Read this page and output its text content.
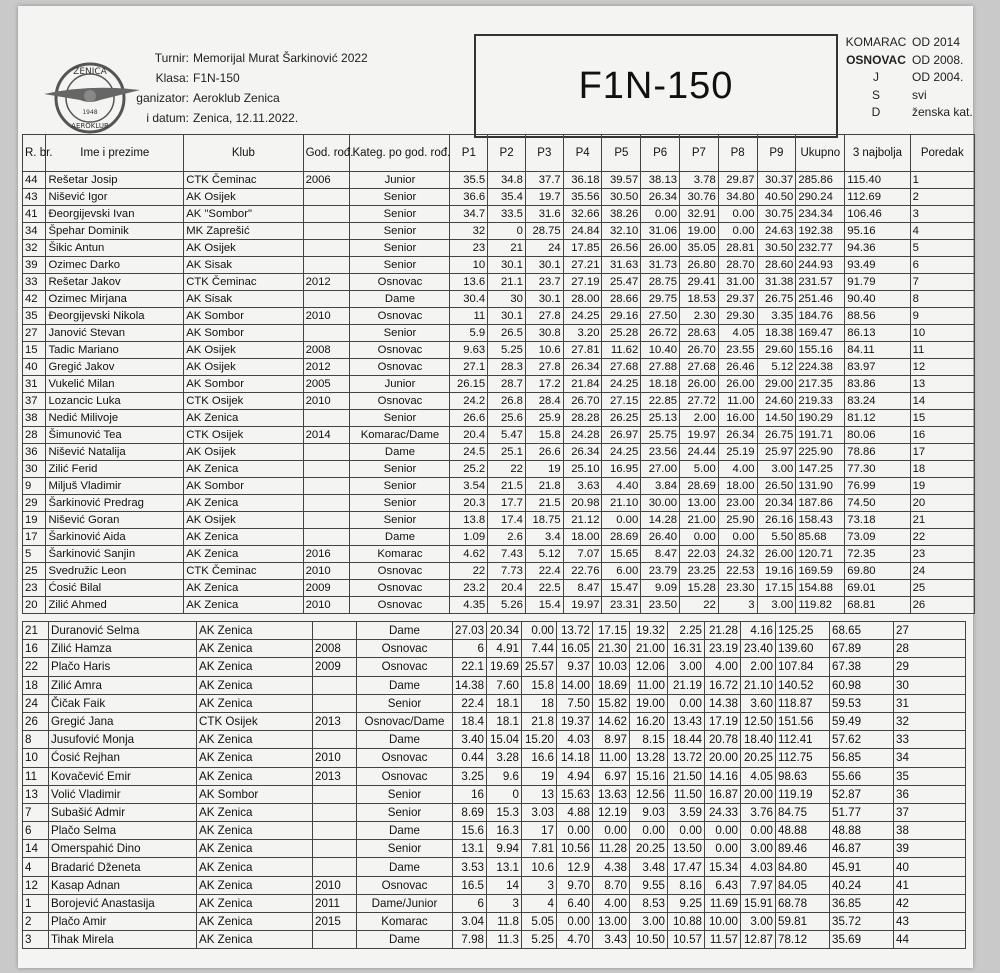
ZENICA
1948
AEROKLUB
Turnir: Memorijal Murat Šarkinović 2022
Klasa: F1N-150
ganizator: Aeroklub Zenica
i datum: Zenica, 12.11.2022.
F1N-150
KOMARAC OD 2014
OSNOVAC OD 2008.
J	OD 2004.
S	svi
D	ženska kat.
R. br.	Ime i prezime	Klub	God. rođ.	Kateg. po god. rođ.	P1	P2	P3	P4	P5	P6	P7	P8	P9	Ukupno	3 najbolja	Poredak
44	Rešetar Josip	CTK Čeminac	2006	Junior	35.5	34.8	37.7	36.18	39.57	38.13	3.78	29.87	30.37	285.86	115.40	1
43	Nišević Igor	AK Osijek		Senior	36.6	35.4	19.7	35.56	30.50	26.34	30.76	34.80	40.50	290.24	112.69	2
41	Đeorgijevski Ivan	AK "Sombor"		Senior	34.7	33.5	31.6	32.66	38.26	0.00	32.91	0.00	30.75	234.34	106.46	3
34	Špehar Dominik	MK Zaprešić		Senior	32	0	28.75	24.84	32.10	31.06	19.00	0.00	24.63	192.38	95.16	4
32	Šikic Antun	AK Osijek		Senior	23	21	24	17.85	26.56	26.00	35.05	28.81	30.50	232.77	94.36	5
39	Ozimec Darko	AK Sisak		Senior	10	30.1	30.1	27.21	31.63	31.73	26.80	28.70	28.60	244.93	93.49	6
33	Rešetar Jakov	CTK Čeminac	2012	Osnovac	13.6	21.1	23.7	27.19	25.47	28.75	29.41	31.00	31.38	231.57	91.79	7
42	Ozimec Mirjana	AK Sisak		Dame	30.4	30	30.1	28.00	28.66	29.75	18.53	29.37	26.75	251.46	90.40	8
35	Đeorgijevski Nikola	AK Sombor	2010	Osnovac	11	30.1	27.8	24.25	29.16	27.50	2.30	29.30	3.35	184.76	88.56	9
27	Janović Stevan	AK Sombor		Senior	5.9	26.5	30.8	3.20	25.28	26.72	28.63	4.05	18.38	169.47	86.13	10
15	Tadic Mariano	AK Osijek	2008	Osnovac	9.63	5.25	10.6	27.81	11.62	10.40	26.70	23.55	29.60	155.16	84.11	11
40	Gregić Jakov	AK Osijek	2012	Osnovac	27.1	28.3	27.8	26.34	27.68	27.88	27.68	26.46	5.12	224.38	83.97	12
31	Vukelić Milan	AK Sombor	2005	Junior	26.15	28.7	17.2	21.84	24.25	18.18	26.00	26.00	29.00	217.35	83.86	13
37	Lozancic Luka	CTK Osijek	2010	Osnovac	24.2	26.8	28.4	26.70	27.15	22.85	27.72	11.00	24.60	219.33	83.24	14
38	Nedić Milivoje	AK Zenica		Senior	26.6	25.6	25.9	28.28	26.25	25.13	2.00	16.00	14.50	190.29	81.12	15
28	Šimunović Tea	CTK Osijek	2014	Komarac/Dame	20.4	5.47	15.8	24.28	26.97	25.75	19.97	26.34	26.75	191.71	80.06	16
36	Nišević Natalija	AK Osijek		Dame	24.5	25.1	26.6	26.34	24.25	23.56	24.44	25.19	25.97	225.90	78.86	17
30	Zilić Ferid	AK Zenica		Senior	25.2	22	19	25.10	16.95	27.00	5.00	4.00	3.00	147.25	77.30	18
9	Miljuš Vladimir	AK Sombor		Senior	3.54	21.5	21.8	3.63	4.40	3.84	28.69	18.00	26.50	131.90	76.99	19
29	Šarkinović Predrag	AK Zenica		Senior	20.3	17.7	21.5	20.98	21.10	30.00	13.00	23.00	20.34	187.86	74.50	20
19	Nišević Goran	AK Osijek		Senior	13.8	17.4	18.75	21.12	0.00	14.28	21.00	25.90	26.16	158.43	73.18	21
17	Šarkinović Aida	AK Zenica		Dame	1.09	2.6	3.4	18.00	28.69	26.40	0.00	0.00	5.50	85.68	73.09	22
5	Šarkinović Sanjin	AK Zenica	2016	Komarac	4.62	7.43	5.12	7.07	15.65	8.47	22.03	24.32	26.00	120.71	72.35	23
25	Svedružic Leon	CTK Čeminac	2010	Osnovac	22	7.73	22.4	22.76	6.00	23.79	23.25	22.53	19.16	169.59	69.80	24
23	Ćosić Bilal	AK Zenica	2009	Osnovac	23.2	20.4	22.5	8.47	15.47	9.09	15.28	23.30	17.15	154.88	69.01	25
20	Zilić Ahmed	AK Zenica	2010	Osnovac	4.35	5.26	15.4	19.97	23.31	23.50	22	3	3.00	119.82	68.81	26
21	Duranović Selma	AK Zenica		Dame	27.03	20.34	0.00	13.72	17.15	19.32	2.25	21.28	4.16	125.25	68.65	27
16	Zilić Hamza	AK Zenica	2008	Osnovac	6	4.91	7.44	16.05	21.30	21.00	16.31	23.19	23.40	139.60	67.89	28
22	Plačo Haris	AK Zenica	2009	Osnovac	22.1	19.69	25.57	9.37	10.03	12.06	3.00	4.00	2.00	107.84	67.38	29
18	Zilić Amra	AK Zenica		Dame	14.38	7.60	15.8	14.00	18.69	11.00	21.19	16.72	21.10	140.52	60.98	30
24	Čičak Faik	AK Zenica		Senior	22.4	18.1	18	7.50	15.82	19.00	0.00	14.38	3.60	118.87	59.53	31
26	Gregić Jana	CTK Osijek	2013	Osnovac/Dame	18.4	18.1	21.8	19.37	14.62	16.20	13.43	17.19	12.50	151.56	59.49	32
8	Jusufović Monja	AK Zenica		Dame	3.40	15.04	15.20	4.03	8.97	8.15	18.44	20.78	18.40	112.41	57.62	33
10	Ćosić Rejhan	AK Zenica	2010	Osnovac	0.44	3.28	16.6	14.18	11.00	13.28	13.72	20.00	20.25	112.75	56.85	34
11	Kovačević Emir	AK Zenica	2013	Osnovac	3.25	9.6	19	4.94	6.97	15.16	21.50	14.16	4.05	98.63	55.66	35
13	Volić Vladimir	AK Sombor		Senior	16	0	13	15.63	13.63	12.56	11.50	16.87	20.00	119.19	52.87	36
7	Subašić Admir	AK Zenica		Senior	8.69	15.3	3.03	4.88	12.19	9.03	3.59	24.33	3.76	84.75	51.77	37
6	Plačo Selma	AK Zenica		Dame	15.6	16.3	17	0.00	0.00	0.00	0.00	0.00	0.00	48.88	48.88	38
14	Omerspahić Dino	AK Zenica		Senior	13.1	9.94	7.81	10.56	11.28	20.25	13.50	0.00	3.00	89.46	46.87	39
4	Bradarić Dženeta	AK Zenica		Dame	3.53	13.1	10.6	12.9	4.38	3.48	17.47	15.34	4.03	84.80	45.91	40
12	Kasap Adnan	AK Zenica	2010	Osnovac	16.5	14	3	9.70	8.70	9.55	8.16	6.43	7.97	84.05	40.24	41
1	Borojević Anastasija	AK Zenica	2011	Dame/Junior	6	3	4	6.40	4.00	8.53	9.25	11.69	15.91	68.78	36.85	42
2	Plačo Amir	AK Zenica	2015	Komarac	3.04	11.8	5.05	0.00	13.00	3.00	10.88	10.00	3.00	59.81	35.72	43
3	Tihak Mirela	AK Zenica		Dame	7.98	11.3	5.25	4.70	3.43	10.50	10.57	11.57	12.87	78.12	35.69	44
